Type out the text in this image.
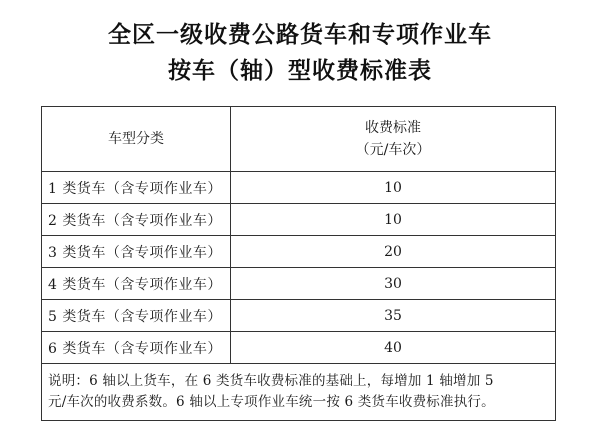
全区一级收费公路货车和专项作业车
按车（轴）型收费标准表
车型分类	收费标准
（元/车次）

1 类货车（含专项作业车）	10
2 类货车（含专项作业车）	10
3 类货车（含专项作业车）	20
4 类货车（含专项作业车）	30
5 类货车（含专项作业车）	35
6 类货车（含专项作业车）	40

说明：6 轴以上货车，在 6 类货车收费标准的基础上，每增加 1 轴增加 5
元/车次的收费系数。6 轴以上专项作业车统一按 6 类货车收费标准执行。	
